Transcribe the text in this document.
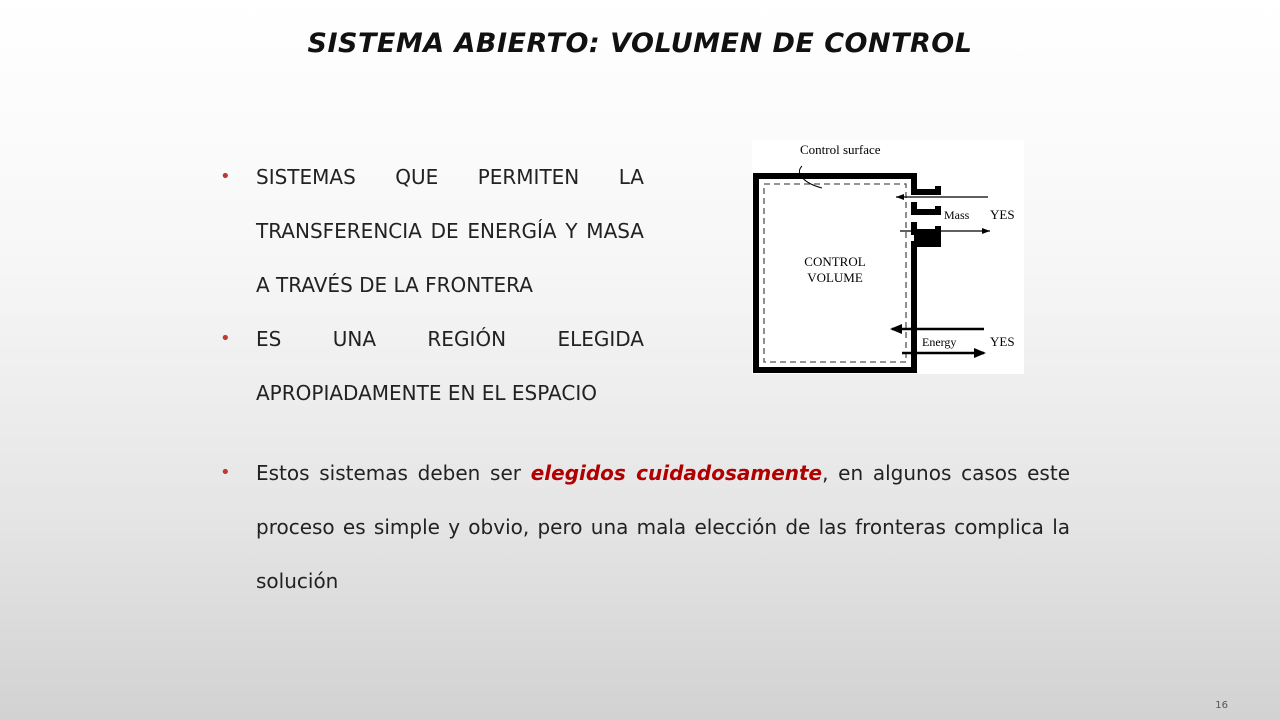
SISTEMA ABIERTO: VOLUMEN DE CONTROL
• SISTEMAS QUE PERMITEN LA TRANSFERENCIA DE ENERGÍA Y MASA A TRAVÉS DE LA FRONTERA
• ES UNA REGIÓN ELEGIDA APROPIADAMENTE EN EL ESPACIO
Control surface
CONTROL
VOLUME
Mass YES
Energy	YES
• Estos sistemas deben ser elegidos cuidadosamente, en algunos casos este proceso es simple y obvio, pero una mala elección de las fronteras complica la solución
16
